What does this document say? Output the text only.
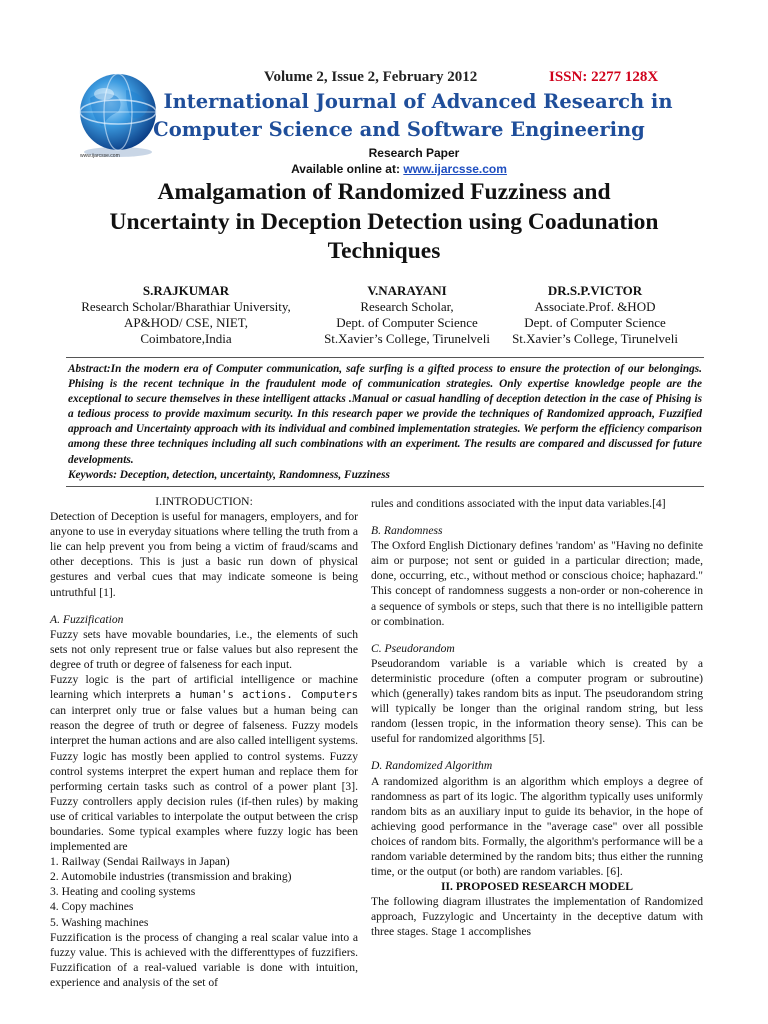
www.ijarcsse.com
Volume 2, Issue 2, February 2012	ISSN: 2277 128X
International Journal of Advanced Research in
Computer Science and Software Engineering
Research Paper
Available online at: www.ijarcsse.com
Amalgamation of Randomized Fuzziness and
Uncertainty in Deception Detection using Coadunation
Techniques
S.RAJKUMAR
Research Scholar/Bharathiar University,
AP&HOD/ CSE, NIET,
Coimbatore,India
V.NARAYANI
Research Scholar,
Dept. of Computer Science
St.Xavier’s College, Tirunelveli
DR.S.P.VICTOR
Associate.Prof. &HOD
Dept. of Computer Science
St.Xavier’s College, Tirunelveli
Abstract:In the modern era of Computer communication, safe surfing is a gifted process to ensure the protection of our belongings. Phising is the recent technique in the fraudulent mode of communication strategies. Only expertise knowledge people are the exceptional to secure themselves in these intelligent attacks .Manual or casual handling of deception detection in the case of Phising is a tedious process to provide maximum security. In this research paper we provide the techniques of Randomized approach, Fuzzified approach and Uncertainty approach with its individual and combined implementation strategies. We perform the efficiency comparison among these three techniques including all such combinations with an experiment. The results are compared and discussed for future developments.
Keywords: Deception, detection, uncertainty, Randomness, Fuzziness

I.INTRODUCTION:

Detection of Deception is useful for managers, employers, and for anyone to use in everyday situations where telling the truth from a lie can help prevent you from being a victim of fraud/scams and other deceptions. This is just a basic run down of physical gestures and verbal cues that may indicate someone is being untruthful [1].

A. Fuzzification

Fuzzy sets have movable boundaries, i.e., the elements of such sets not only represent true or false values but also represent the degree of truth or degree of falseness for each input.

Fuzzy logic is the part of artificial intelligence or machine learning which interprets a human's actions. Computers can interpret only true or false values but a human being can reason the degree of truth or degree of falseness. Fuzzy models interpret the human actions and are also called intelligent systems. Fuzzy logic has mostly been applied to control systems. Fuzzy control systems interpret the expert human and replace them for performing certain tasks such as control of a power plant [3]. Fuzzy controllers apply decision rules (if-then rules) by making use of critical variables to interpolate the output between the crisp boundaries. Some typical examples where fuzzy logic has been implemented are

1. Railway (Sendai Railways in Japan)

2. Automobile industries (transmission and braking)

3. Heating and cooling systems

4. Copy machines

5. Washing machines

Fuzzification is the process of changing a real scalar value into a fuzzy value. This is achieved with the differenttypes of fuzzifiers. Fuzzification of a real-valued variable is done with intuition, experience and analysis of the set of

rules and conditions associated with the input data variables.[4]

B. Randomness

The Oxford English Dictionary defines 'random' as "Having no definite aim or purpose; not sent or guided in a particular direction; made, done, occurring, etc., without method or conscious choice; haphazard." This concept of randomness suggests a non-order or non-coherence in a sequence of symbols or steps, such that there is no intelligible pattern or combination.

C. Pseudorandom

Pseudorandom variable is a variable which is created by a deterministic procedure (often a computer program or subroutine) which (generally) takes random bits as input. The pseudorandom string will typically be longer than the original random string, but less random (lessen tropic, in the information theory sense). This can be useful for randomized algorithms [5].

D. Randomized Algorithm

A randomized algorithm is an algorithm which employs a degree of randomness as part of its logic. The algorithm typically uses uniformly random bits as an auxiliary input to guide its behavior, in the hope of achieving good performance in the "average case" over all possible choices of random bits. Formally, the algorithm's performance will be a random variable determined by the random bits; thus either the running time, or the output (or both) are random variables. [6].

II. PROPOSED RESEARCH MODEL

The following diagram illustrates the implementation of Randomized approach, Fuzzylogic and Uncertainty in the deceptive datum with three stages. Stage 1 accomplishes
